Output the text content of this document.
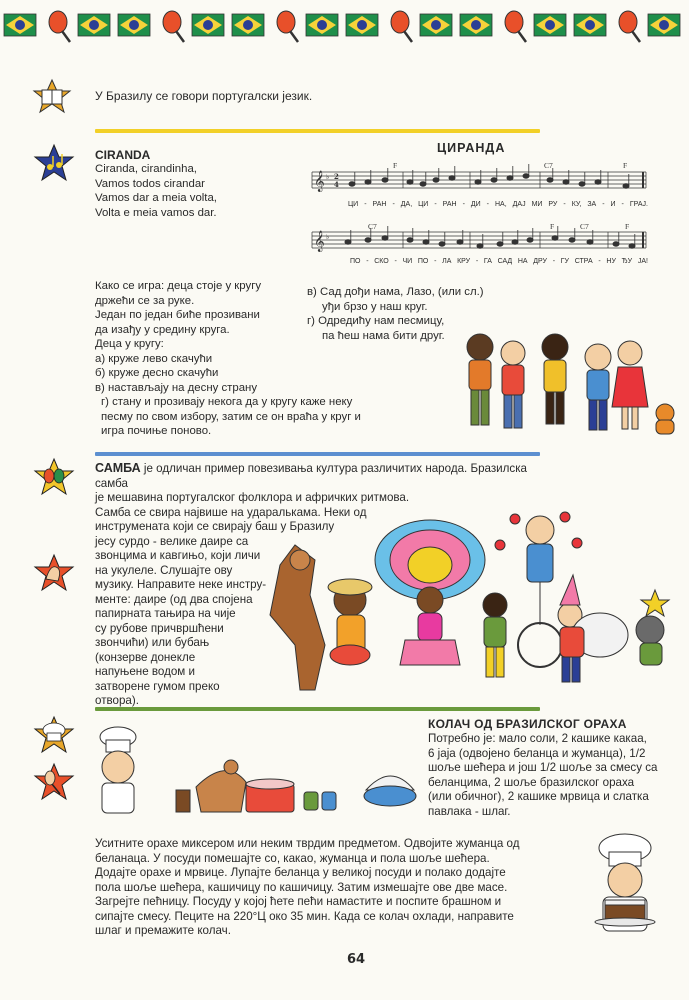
У Бразилу се говори португалски језик.
CIRANDA
Ciranda, cirandinha,
Vamos todos cirandar
Vamos dar a meia volta,
Volta e meia vamos dar.
ЦИРАНДА
𝄞 ♭ 2
4
F	C7	F
ЦИ - РАН - ДА, ЦИ - РАН - ДИ - НА, ДАЈ МИ РУ - КУ, ЗА - И - ГРАЈ.
𝄞 ♭
C7	F	C7	F
ПО - СКО - ЧИ ПО - ЛА КРУ - ГА САД НА ДРУ - ГУ СТРА - НУ ЂУ ЈА!
Како се игра: деца стоје у кругу
држећи се за руке.
Један по један биће прозивани
да изађу у средину круга.
Деца у кругу:
а) круже лево скачући
б) круже десно скачући
в) настављају на десну страну
г) стану и прозивају некога да у кругу каже неку
песму по свом избору, затим се он враћа у круг и
игра почиње поново.
в) Сад дођи нама, Лазо, (или сл.)
уђи брзо у наш круг.
г) Одредићу нам песмицу,
па ћеш нама бити друг.
САМБА је одличан пример повезивања култура различитих народа. Бразилска самба
је мешавина португалског фолклора и афричких ритмова.
Самба се свира највише на ударалькама. Неки од
инструмената који се свирају баш у Бразилу
јесу сурдо - велике даире са
звонцима и кавгињо, који личи
на укулеле. Слушајте ову
музику. Направите неке инстру-
менте: даире (од два спојена
папирната тањира на чије
су рубове причвршћени
звончићи) или бубањ
(конзерве донекле
напуњене водом и
затворене гумом преко
отвора).
КОЛАЧ ОД БРАЗИЛСКОГ ОРАХА
Потребно је: мало соли, 2 кашике какаа,
6 јаја (одвојено беланца и жуманца), 1/2
шоље шећера и још 1/2 шоље за смесу са
беланцима, 2 шоље бразилског ораха
(или обичног), 2 кашике мрвица и слатка
павлака - шлаг.
Уситните орахе миксером или неким тврдим предметом. Одвојите жуманца од
беланаца. У посуди помешајте со, какао, жуманца и пола шоље шећера.
Додајте орахе и мрвице. Лупајте беланца у великој посуди и полако додајте
пола шоље шећера, кашичицу по кашичицу. Затим измешајте ове две масе.
Загрејте пећницу. Посуду у којој ћете пећи намастите и поспите брашном и
сипајте смесу. Пеците на 220°Ц око 35 мин. Када се колач охлади, направите
шлаг и премажите колач.
64
